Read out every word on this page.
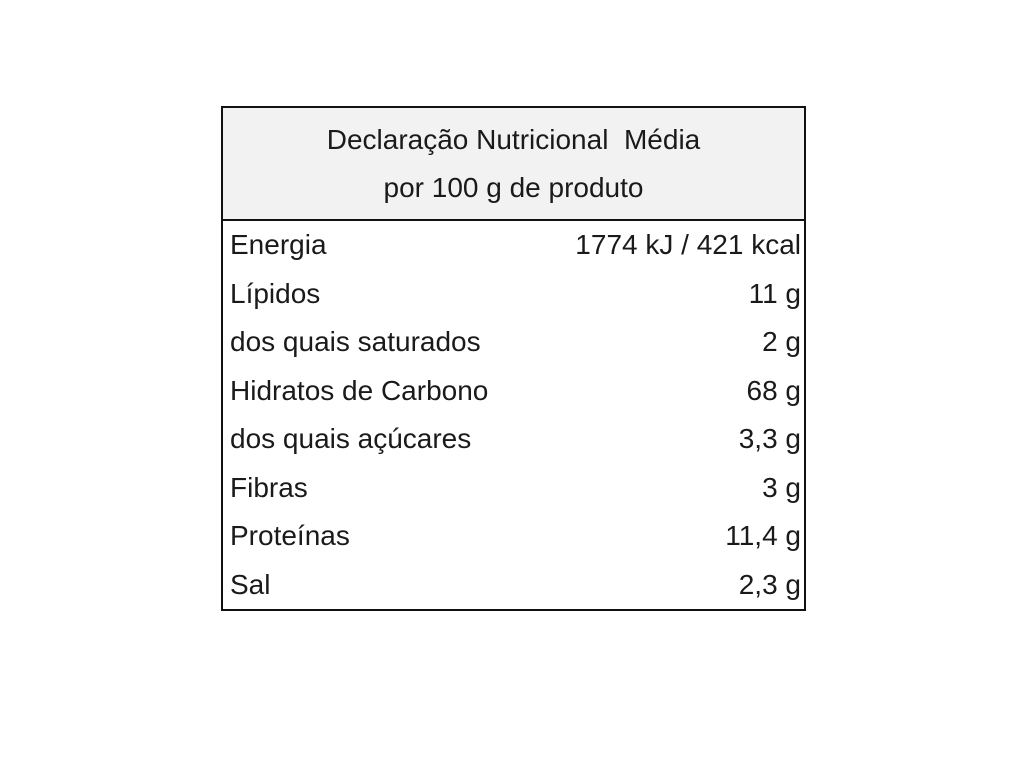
Declaração Nutricional  Média
por 100 g de produto
Energia	1774 kJ / 421 kcal
Lípidos	11 g
dos quais saturados	2 g
Hidratos de Carbono	68 g
dos quais açúcares	3,3 g
Fibras	3 g
Proteínas	11,4 g
Sal	2,3 g
